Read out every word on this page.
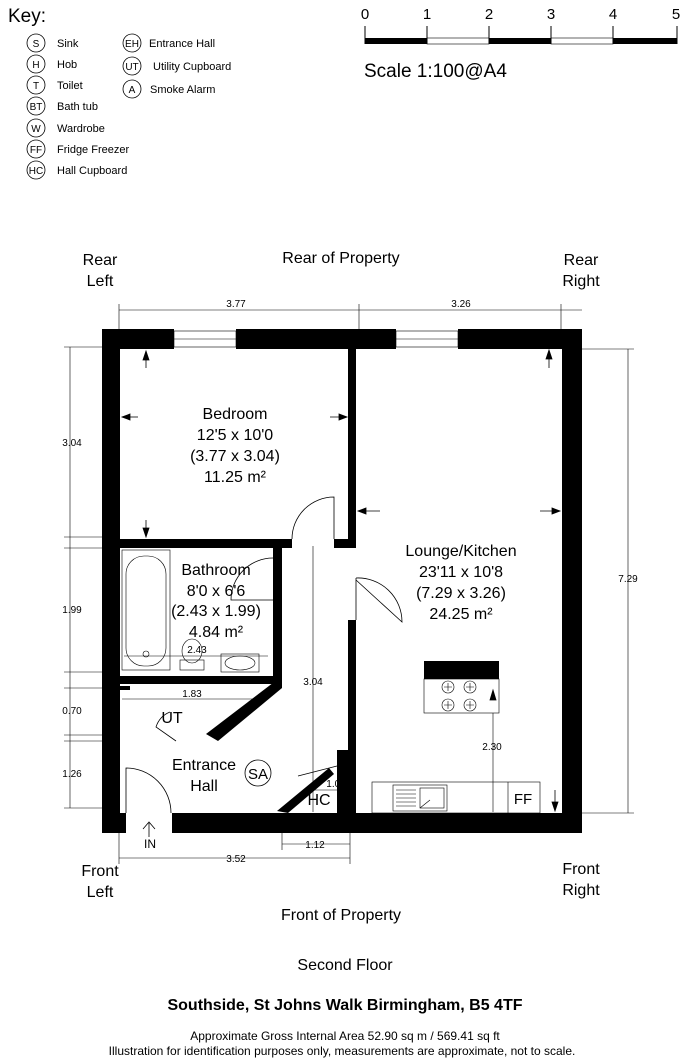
Key:
S Sink
H Hob
T Toilet
BT Bath tub
W Wardrobe
FF Fridge Freezer
HC Hall Cupboard
EH Entrance Hall
UT Utility Cupboard
A Smoke Alarm
0	1	2	3	4	5
Scale 1:100@A4
Rear
Left
Rear of Property	Rear
Right
Front
Left
Front of Property
Front
Right
3.77	3.26
3.04
1.99
0.70
1.26
3.52
1.12
7.29
3.04
2.43
1.83
2.30
1.05
Bedroom
12'5 x 10'0
(3.77 x 3.04)
11.25 m²
Bathroom
8'0 x 6'6
(2.43 x 1.99)
4.84 m²
Lounge/Kitchen
23'11 x 10'8
(7.29 x 3.26)
24.25 m²
Entrance
Hall
UT
HC	FF
SA
IN
Second Floor
Southside, St Johns Walk Birmingham, B5 4TF
Approximate Gross Internal Area 52.90 sq m / 569.41 sq ft
Illustration for identification purposes only, measurements are approximate, not to scale.
